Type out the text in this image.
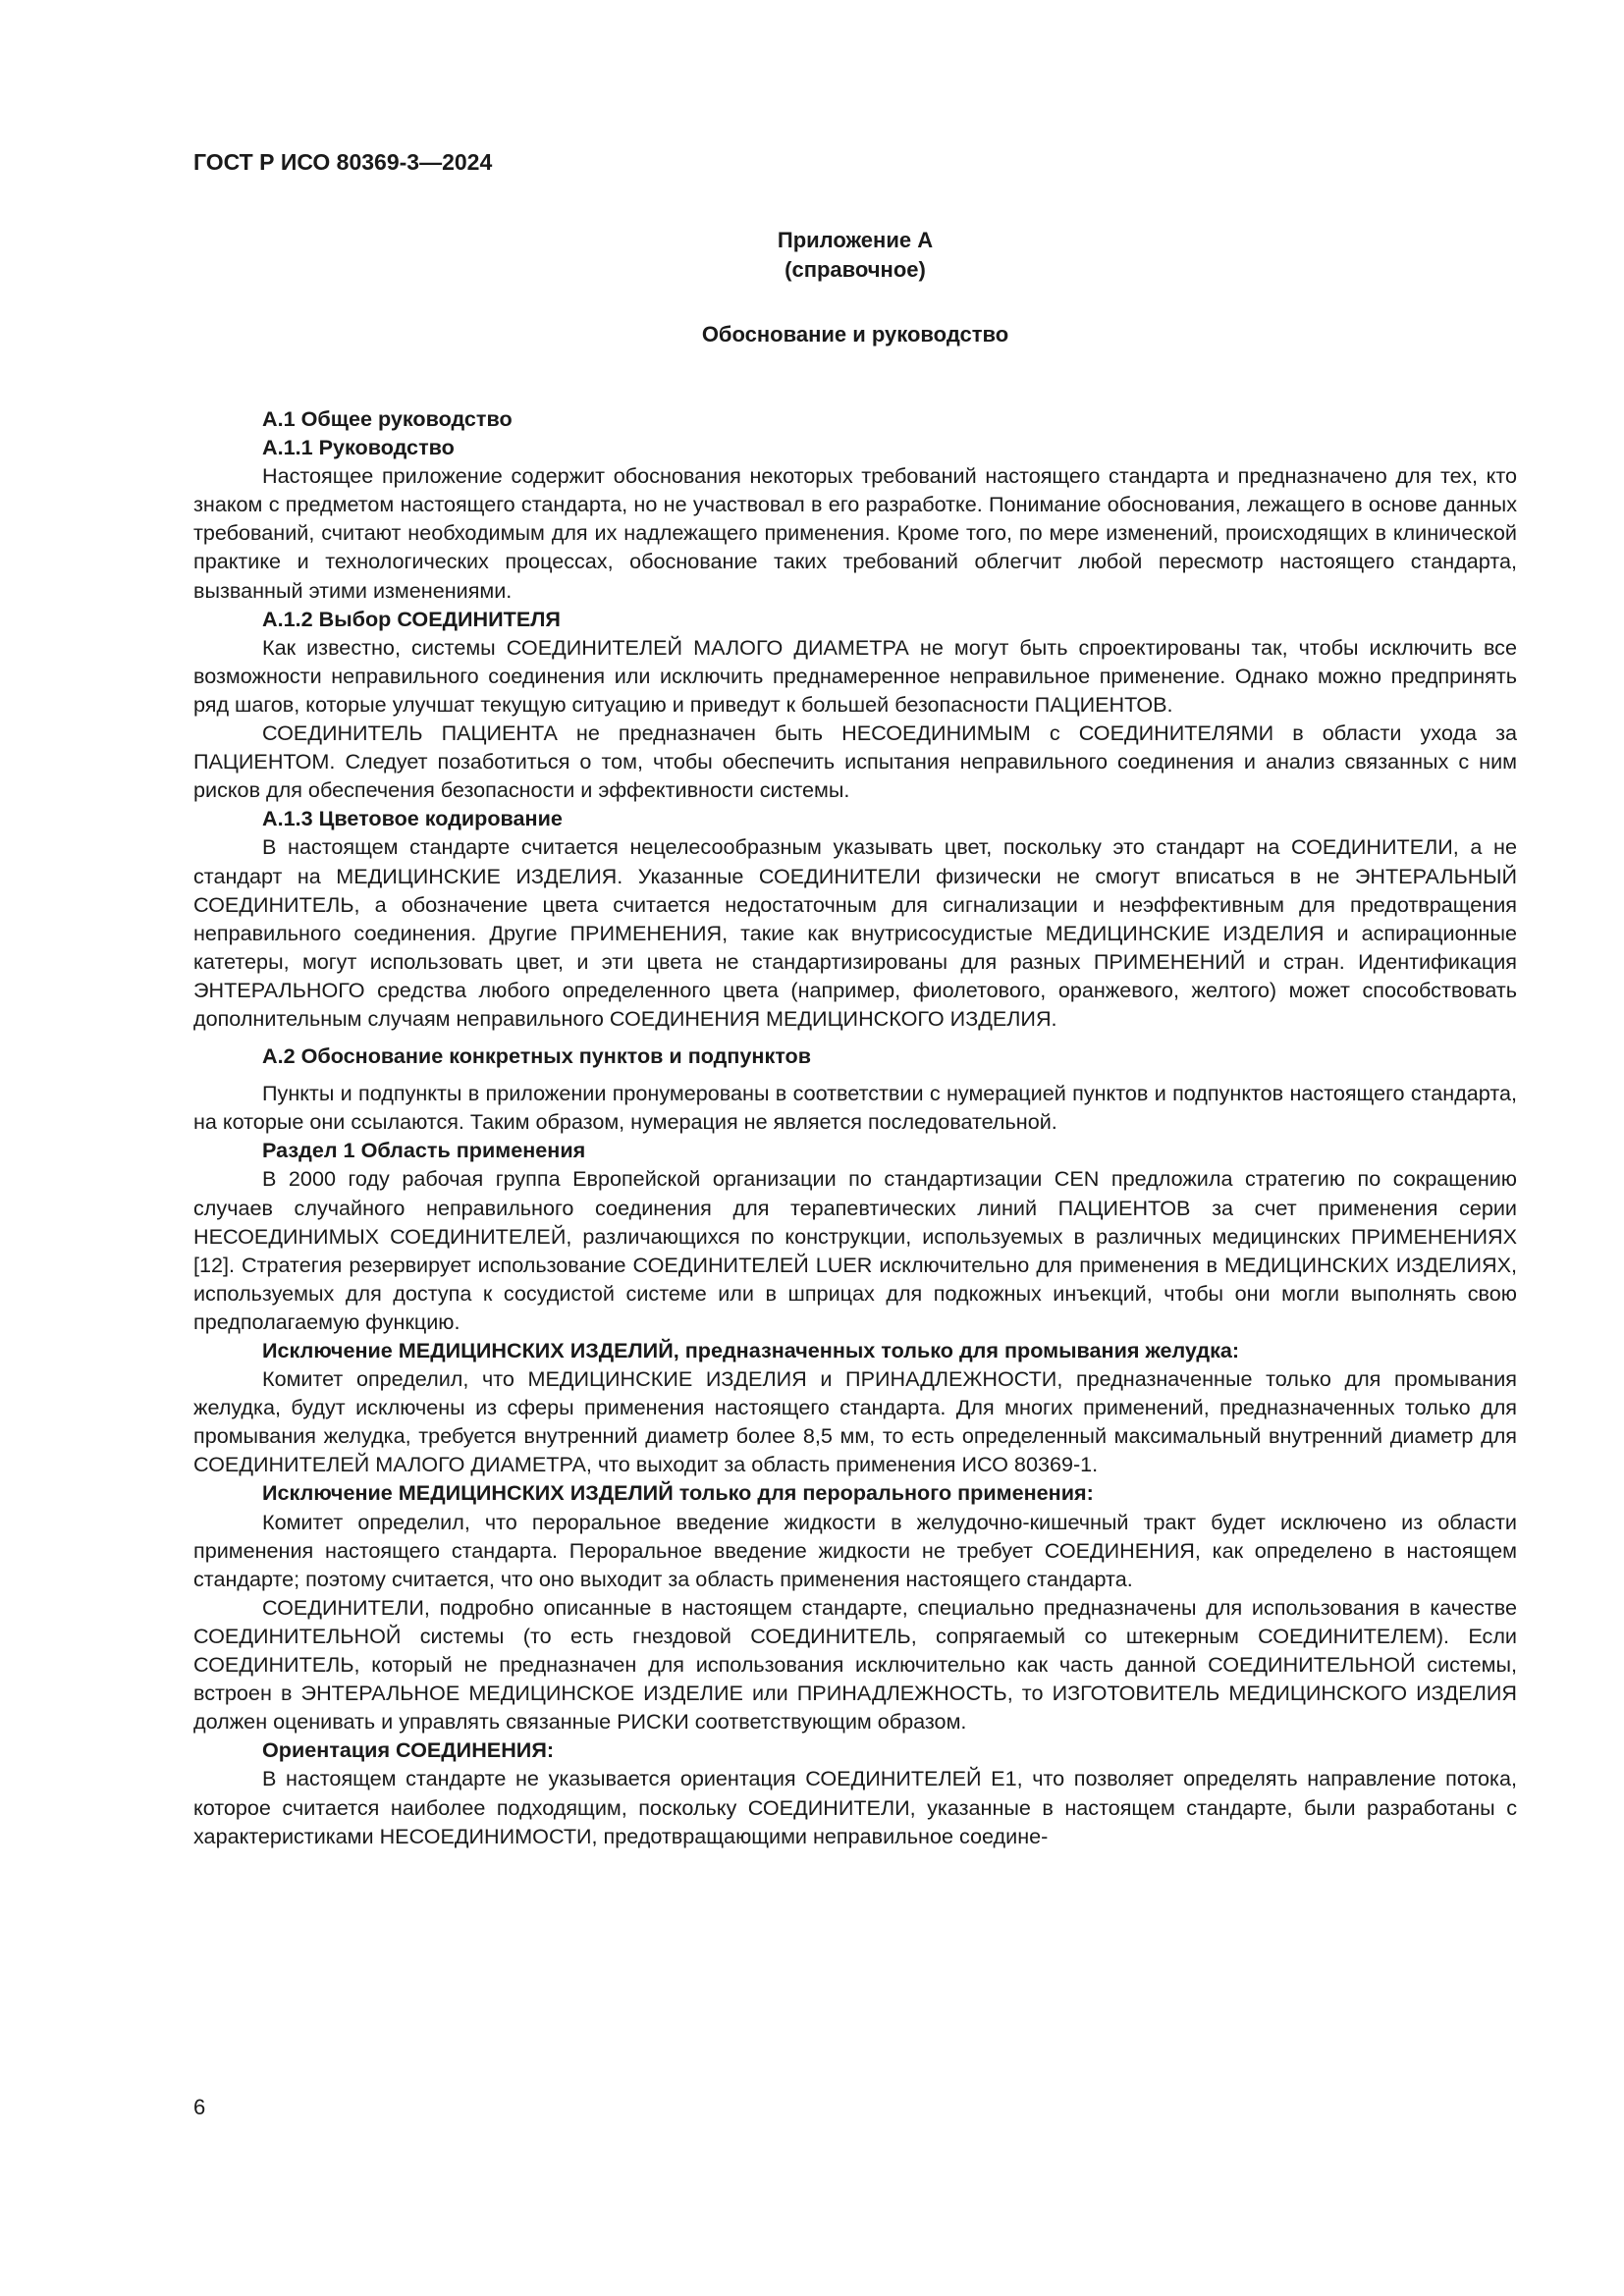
ГОСТ Р ИСО 80369-3—2024

Приложение А

(справочное)

Обоснование и руководство

А.1 Общее руководство

А.1.1 Руководство

Настоящее приложение содержит обоснования некоторых требований настоящего стандарта и предназначено для тех, кто знаком с предметом настоящего стандарта, но не участвовал в его разработке. Понимание обоснования, лежащего в основе данных требований, считают необходимым для их надлежащего применения. Кроме того, по мере изменений, происходящих в клинической практике и технологических процессах, обоснование таких требований облегчит любой пересмотр настоящего стандарта, вызванный этими изменениями.

А.1.2 Выбор СОЕДИНИТЕЛЯ

Как известно, системы СОЕДИНИТЕЛЕЙ МАЛОГО ДИАМЕТРА не могут быть спроектированы так, чтобы исключить все возможности неправильного соединения или исключить преднамеренное неправильное применение. Однако можно предпринять ряд шагов, которые улучшат текущую ситуацию и приведут к большей безопасности ПАЦИЕНТОВ.

СОЕДИНИТЕЛЬ ПАЦИЕНТА не предназначен быть НЕСОЕДИНИМЫМ с СОЕДИНИТЕЛЯМИ в области ухода за ПАЦИЕНТОМ. Следует позаботиться о том, чтобы обеспечить испытания неправильного соединения и анализ связанных с ним рисков для обеспечения безопасности и эффективности системы.

А.1.3 Цветовое кодирование

В настоящем стандарте считается нецелесообразным указывать цвет, поскольку это стандарт на СОЕДИНИТЕЛИ, а не стандарт на МЕДИЦИНСКИЕ ИЗДЕЛИЯ. Указанные СОЕДИНИТЕЛИ физически не смогут вписаться в не ЭНТЕРАЛЬНЫЙ СОЕДИНИТЕЛЬ, а обозначение цвета считается недостаточным для сигнализации и неэффективным для предотвращения неправильного соединения. Другие ПРИМЕНЕНИЯ, такие как внутрисосудистые МЕДИЦИНСКИЕ ИЗДЕЛИЯ и аспирационные катетеры, могут использовать цвет, и эти цвета не стандартизированы для разных ПРИМЕНЕНИЙ и стран. Идентификация ЭНТЕРАЛЬНОГО средства любого определенного цвета (например, фиолетового, оранжевого, желтого) может способствовать дополнительным случаям неправильного СОЕДИНЕНИЯ МЕДИЦИНСКОГО ИЗДЕЛИЯ.

А.2 Обоснование конкретных пунктов и подпунктов

Пункты и подпункты в приложении пронумерованы в соответствии с нумерацией пунктов и подпунктов настоящего стандарта, на которые они ссылаются. Таким образом, нумерация не является последовательной.

Раздел 1 Область применения

В 2000 году рабочая группа Европейской организации по стандартизации CEN предложила стратегию по сокращению случаев случайного неправильного соединения для терапевтических линий ПАЦИЕНТОВ за счет применения серии НЕСОЕДИНИМЫХ СОЕДИНИТЕЛЕЙ, различающихся по конструкции, используемых в различных медицинских ПРИМЕНЕНИЯХ [12]. Стратегия резервирует использование СОЕДИНИТЕЛЕЙ LUER исключительно для применения в МЕДИЦИНСКИХ ИЗДЕЛИЯХ, используемых для доступа к сосудистой системе или в шприцах для подкожных инъекций, чтобы они могли выполнять свою предполагаемую функцию.

Исключение МЕДИЦИНСКИХ ИЗДЕЛИЙ, предназначенных только для промывания желудка:

Комитет определил, что МЕДИЦИНСКИЕ ИЗДЕЛИЯ и ПРИНАДЛЕЖНОСТИ, предназначенные только для промывания желудка, будут исключены из сферы применения настоящего стандарта. Для многих применений, предназначенных только для промывания желудка, требуется внутренний диаметр более 8,5 мм, то есть определенный максимальный внутренний диаметр для СОЕДИНИТЕЛЕЙ МАЛОГО ДИАМЕТРА, что выходит за область применения ИСО 80369-1.

Исключение МЕДИЦИНСКИХ ИЗДЕЛИЙ только для перорального применения:

Комитет определил, что пероральное введение жидкости в желудочно-кишечный тракт будет исключено из области применения настоящего стандарта. Пероральное введение жидкости не требует СОЕДИНЕНИЯ, как определено в настоящем стандарте; поэтому считается, что оно выходит за область применения настоящего стандарта.

СОЕДИНИТЕЛИ, подробно описанные в настоящем стандарте, специально предназначены для использования в качестве СОЕДИНИТЕЛЬНОЙ системы (то есть гнездовой СОЕДИНИТЕЛЬ, сопрягаемый со штекерным СОЕДИНИТЕЛЕМ). Если СОЕДИНИТЕЛЬ, который не предназначен для использования исключительно как часть данной СОЕДИНИТЕЛЬНОЙ системы, встроен в ЭНТЕРАЛЬНОЕ МЕДИЦИНСКОЕ ИЗДЕЛИЕ или ПРИНАДЛЕЖНОСТЬ, то ИЗГОТОВИТЕЛЬ МЕДИЦИНСКОГО ИЗДЕЛИЯ должен оценивать и управлять связанные РИСКИ соответствующим образом.

Ориентация СОЕДИНЕНИЯ:

В настоящем стандарте не указывается ориентация СОЕДИНИТЕЛЕЙ Е1, что позволяет определять направление потока, которое считается наиболее подходящим, поскольку СОЕДИНИТЕЛИ, указанные в настоящем стандарте, были разработаны с характеристиками НЕСОЕДИНИМОСТИ, предотвращающими неправильное соедине-

6
